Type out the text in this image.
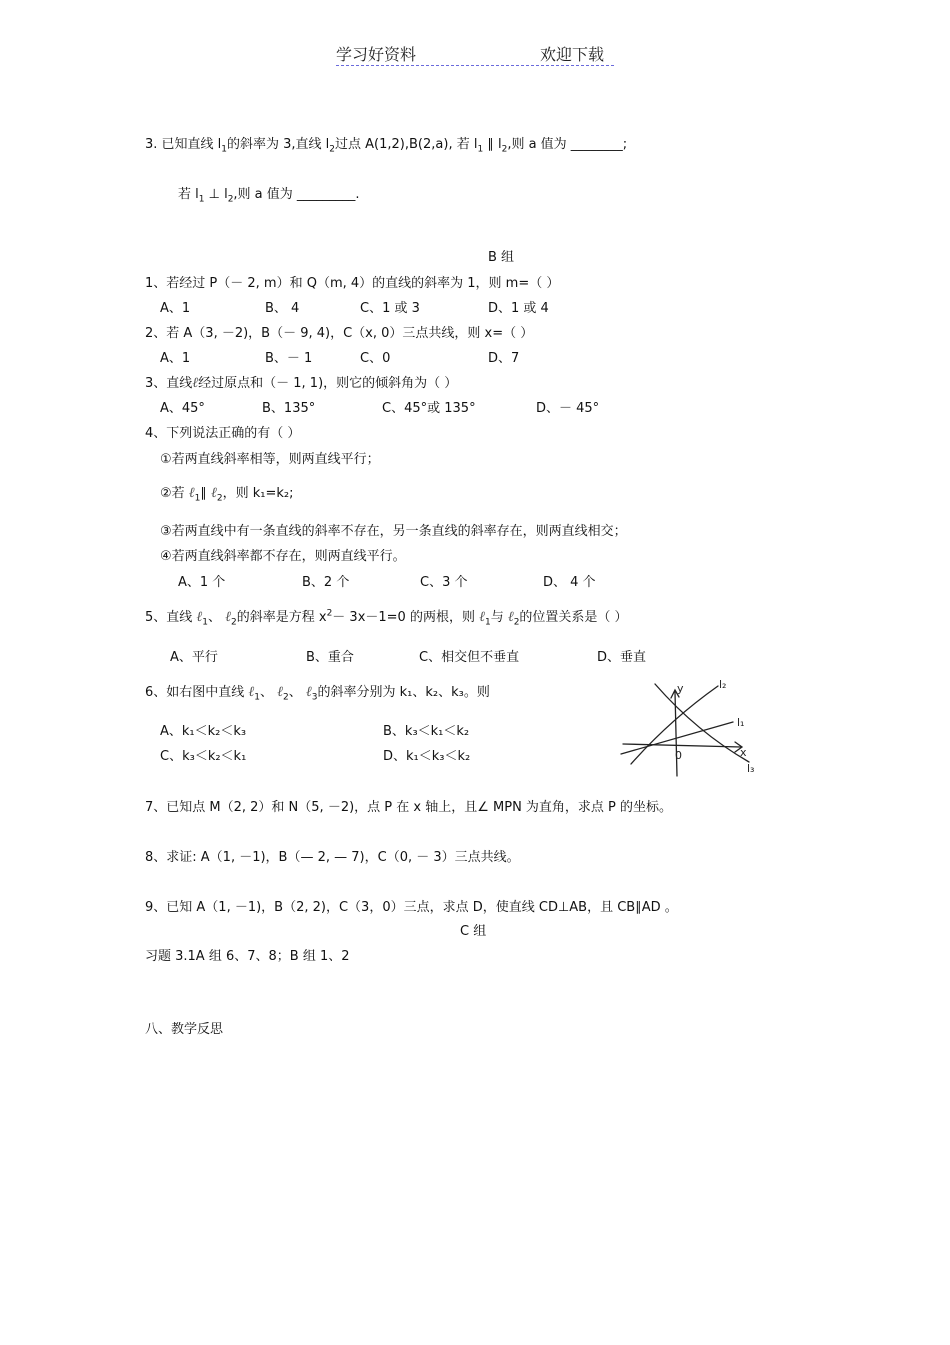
学习好资料	欢迎下载
3. 已知直线 $l_1$的斜率为 3,直线 $l_2$过点 A(1,2),B(2,a), 若 $l_1$ ∥ $l_2$,则 a 值为 ________;
若 $l_1$ ⊥ $l_2$,则 a 值为 _________.
B 组
1、若经过 P（－ 2, m）和 Q（m, 4）的直线的斜率为 1，则 m=（ ）
A、1	B、 4	C、1 或 3	D、1 或 4
2、若 A（3, －2)，B（－ 9, 4)，C（x, 0）三点共线，则 x=（ ）
A、1	B、－ 1	C、0	D、7
3、直线ℓ经过原点和（－ 1, 1)，则它的倾斜角为（ ）
A、45°	B、135°	C、45°或 135°	D、－ 45°
4、下列说法正确的有（ ）
①若两直线斜率相等，则两直线平行；
②若 ℓ$_1$∥ ℓ$_2$，则 k₁=k₂;
③若两直线中有一条直线的斜率不存在，另一条直线的斜率存在，则两直线相交；
④若两直线斜率都不存在，则两直线平行。
A、1 个	B、2 个	C、3 个	D、 4 个
5、直线 ℓ$_1$、 ℓ$_2$的斜率是方程 $x^2- 3x-1=0$ 的两根，则 ℓ$_1$与 ℓ$_2$的位置关系是（ ）
A、平行	B、重合	C、相交但不垂直	D、垂直
6、如右图中直线 ℓ$_1$、 ℓ$_2$、 ℓ$_3$的斜率分别为 k₁、k₂、k₃。则
A、k₁＜k₂＜k₃	B、k₃＜k₁＜k₂
C、k₃＜k₂＜k₁	D、k₁＜k₃＜k₂
y
x
0
l₂
l₁
l₃
7、已知点 M（2, 2）和 N（5, －2)，点 P 在 x 轴上，且∠ MPN 为直角，求点 P 的坐标。
8、求证: A（1, －1)，B（— 2, — 7)，C（0, － 3）三点共线。
9、已知 A（1, －1)，B（2, 2)，C（3，0）三点，求点 D，使直线 CD⊥AB，且 CB∥AD 。
C 组
习题 3.1A 组 6、7、8；B 组 1、2
八、教学反思
